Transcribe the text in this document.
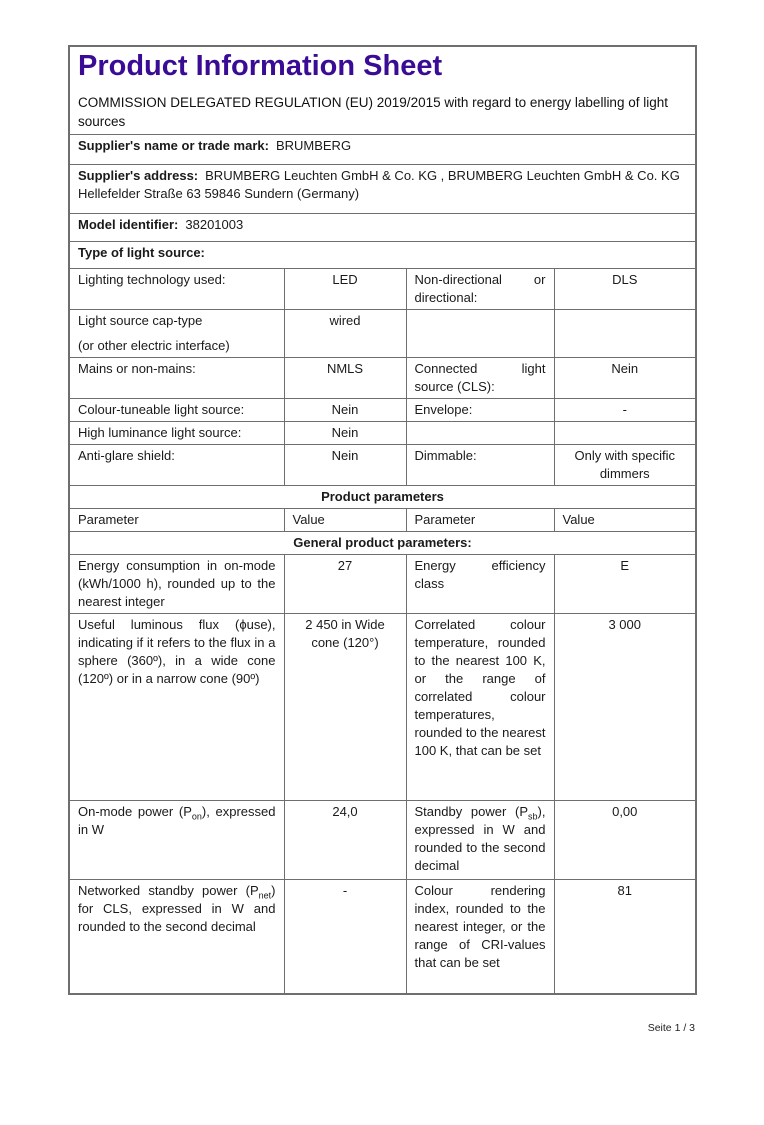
Product Information Sheet

COMMISSION DELEGATED REGULATION (EU) 2019/2015 with regard to energy labelling of light sources

Supplier's name or trade mark: BRUMBERG			
Supplier's address: BRUMBERG Leuchten GmbH & Co. KG , BRUMBERG Leuchten GmbH & Co. KG Hellefelder Straße 63 59846 Sundern (Germany)			
Model identifier: 38201003			
Type of light source:			
Lighting technology used:	LED	Non-directional or directional:	DLS
Light source cap-type
(or other electric interface)	wired		
Mains or non-mains:	NMLS	Connected light source (CLS):	Nein
Colour-tuneable light source:	Nein	Envelope:	-
High luminance light source:	Nein		
Anti-glare shield:	Nein	Dimmable:	Only with specific dimmers
Product parameters			
Parameter	Value	Parameter	Value
General product parameters:			
Energy consumption in on-mode (kWh/1000 h), rounded up to the nearest integer	27	Energy efficiency class	E
Useful luminous flux (ϕuse), indicating if it refers to the flux in a sphere (360º), in a wide cone (120º) or in a narrow cone (90º)	2 450 in Wide cone (120°)	Correlated colour temperature, rounded to the nearest 100 K, or the range of correlated colour temperatures, rounded to the nearest 100 K, that can be set	3 000
On-mode power $(P_{on})$, expressed in W	24,0	Standby power $(P_{sb})$, expressed in W and rounded to the second decimal	0,00
Networked standby power $(P_{net})$ for CLS, expressed in W and rounded to the second decimal	-	Colour rendering index, rounded to the nearest integer, or the range of CRI-values that can be set	81
Seite 1 / 3
